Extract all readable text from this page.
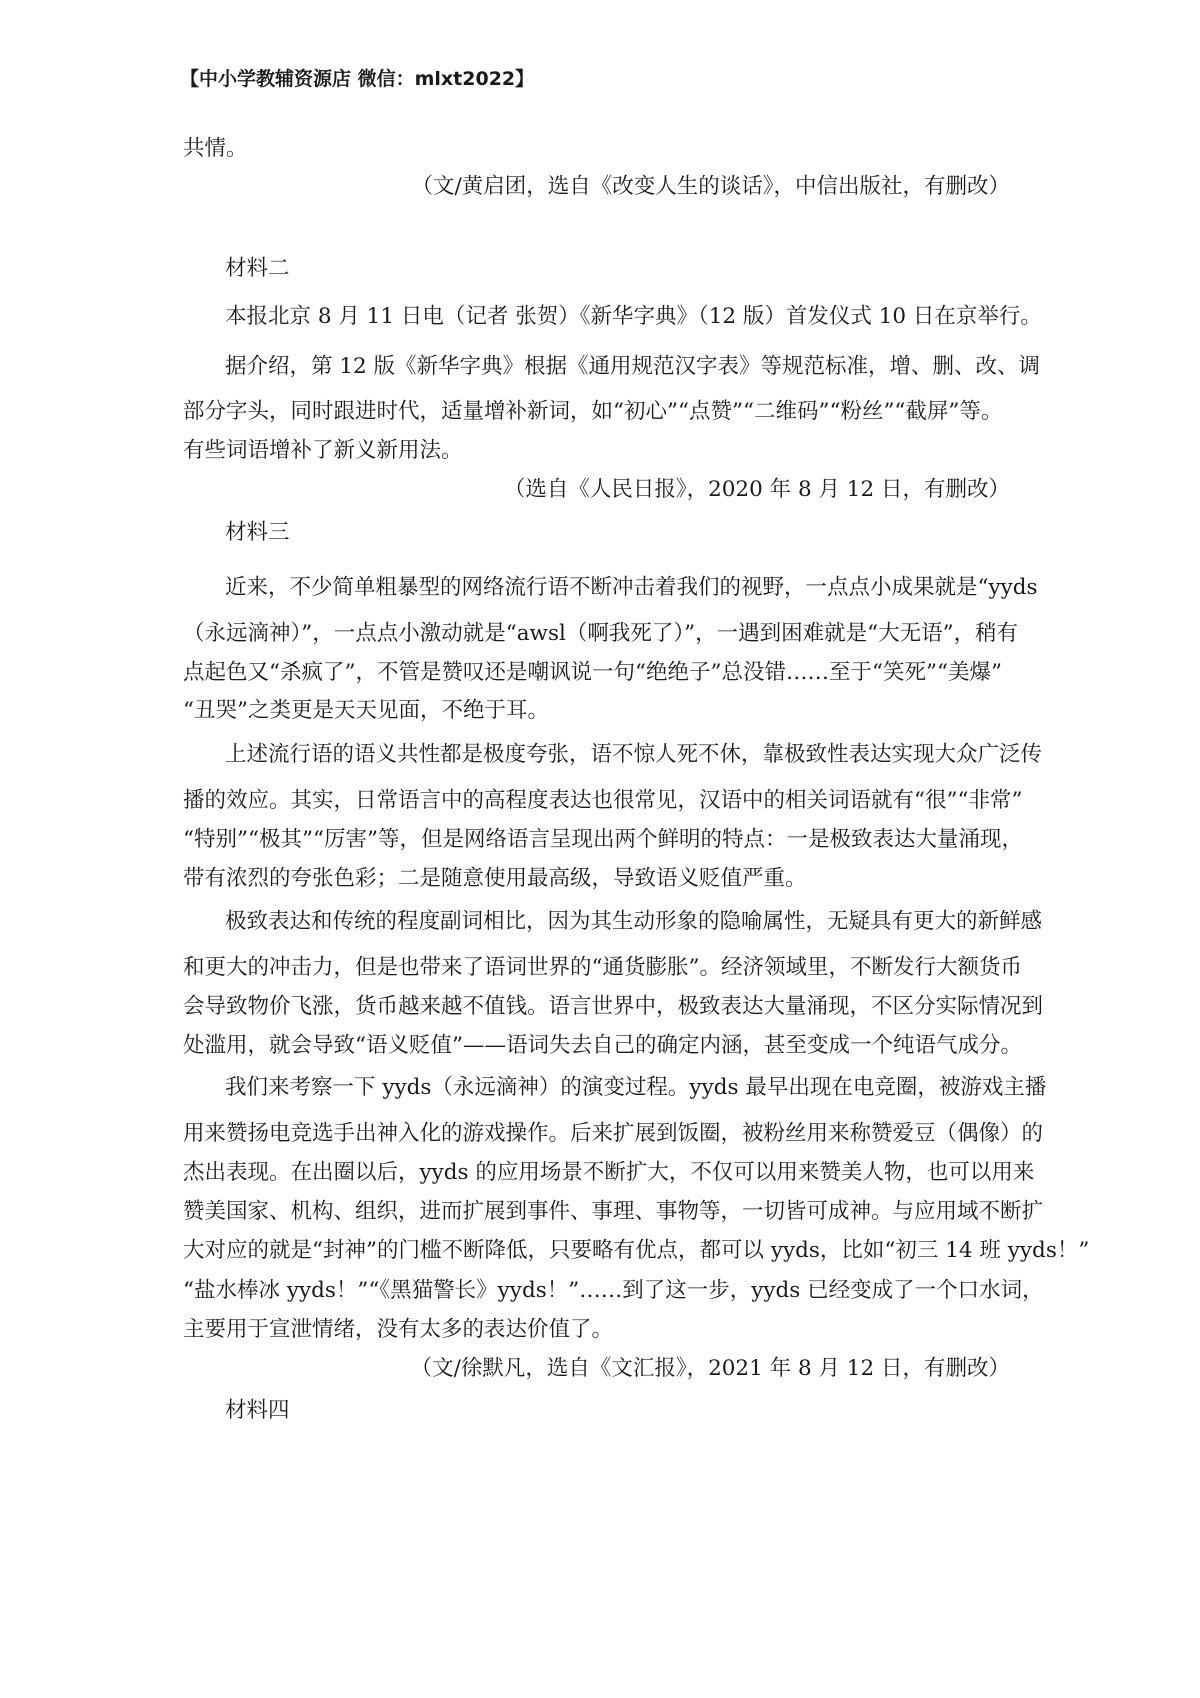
【中小学教辅资源店 微信：mlxt2022】
共情。
（文/黄启团，选自《改变人生的谈话》，中信出版社，有删改）
材料二
本报北京 8 月 11 日电（记者 张贺）《新华字典》（12 版）首发仪式 10 日在京举行。
据介绍，第 12 版《新华字典》根据《通用规范汉字表》等规范标准，增、删、改、调
部分字头，同时跟进时代，适量增补新词，如“初心”“点赞”“二维码”“粉丝”“截屏”等。
有些词语增补了新义新用法。
（选自《人民日报》，2020 年 8 月 12 日，有删改）
材料三
近来，不少简单粗暴型的网络流行语不断冲击着我们的视野，一点点小成果就是“yyds
（永远滴神）”，一点点小激动就是“awsl（啊我死了）”，一遇到困难就是“大无语”，稍有
点起色又“杀疯了”，不管是赞叹还是嘲讽说一句“绝绝子”总没错……至于“笑死”“美爆”
“丑哭”之类更是天天见面，不绝于耳。
上述流行语的语义共性都是极度夸张，语不惊人死不休，靠极致性表达实现大众广泛传
播的效应。其实，日常语言中的高程度表达也很常见，汉语中的相关词语就有“很”“非常”
“特别”“极其”“厉害”等，但是网络语言呈现出两个鲜明的特点：一是极致表达大量涌现，
带有浓烈的夸张色彩；二是随意使用最高级，导致语义贬值严重。
极致表达和传统的程度副词相比，因为其生动形象的隐喻属性，无疑具有更大的新鲜感
和更大的冲击力，但是也带来了语词世界的“通货膨胀”。经济领域里，不断发行大额货币
会导致物价飞涨，货币越来越不值钱。语言世界中，极致表达大量涌现，不区分实际情况到
处滥用，就会导致“语义贬值”——语词失去自己的确定内涵，甚至变成一个纯语气成分。
我们来考察一下 yyds（永远滴神）的演变过程。yyds 最早出现在电竞圈，被游戏主播
用来赞扬电竞选手出神入化的游戏操作。后来扩展到饭圈，被粉丝用来称赞爱豆（偶像）的
杰出表现。在出圈以后，yyds 的应用场景不断扩大，不仅可以用来赞美人物，也可以用来
赞美国家、机构、组织，进而扩展到事件、事理、事物等，一切皆可成神。与应用域不断扩
大对应的就是“封神”的门槛不断降低，只要略有优点，都可以 yyds，比如“初三 14 班 yyds！”
“盐水棒冰 yyds！”“《黑猫警长》yyds！”……到了这一步，yyds 已经变成了一个口水词，
主要用于宣泄情绪，没有太多的表达价值了。
（文/徐默凡，选自《文汇报》，2021 年 8 月 12 日，有删改）
材料四
